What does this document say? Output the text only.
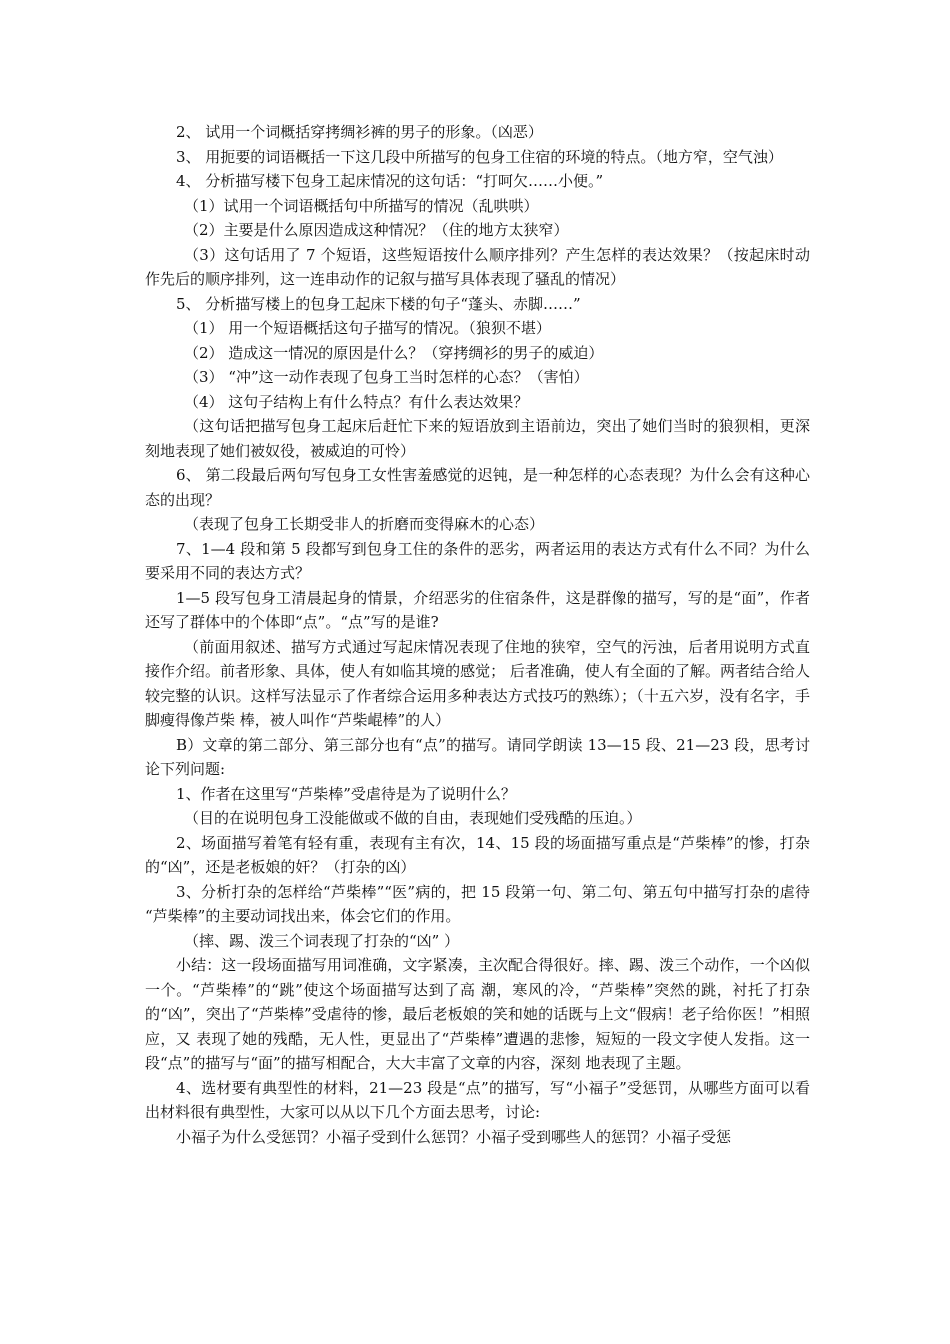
2、 试用一个词概括穿拷绸衫裤的男子的形象。（凶恶）

3、 用扼要的词语概括一下这几段中所描写的包身工住宿的环境的特点。（地方窄，空气浊）

4、 分析描写楼下包身工起床情况的这句话：“打呵欠……小便。”

（1）试用一个词语概括句中所描写的情况（乱哄哄）

（2）主要是什么原因造成这种情况？（住的地方太狭窄）

（3）这句话用了 7 个短语，这些短语按什么顺序排列？产生怎样的表达效果？（按起床时动作先后的顺序排列，这一连串动作的记叙与描写具体表现了骚乱的情况）

5、 分析描写楼上的包身工起床下楼的句子“蓬头、赤脚……”

（1） 用一个短语概括这句子描写的情况。（狼狈不堪）

（2） 造成这一情况的原因是什么？（穿拷绸衫的男子的威迫）

（3） “冲”这一动作表现了包身工当时怎样的心态？（害怕）

（4） 这句子结构上有什么特点？有什么表达效果？

（这句话把描写包身工起床后赶忙下来的短语放到主语前边，突出了她们当时的狼狈相，更深刻地表现了她们被奴役，被威迫的可怜）

6、 第二段最后两句写包身工女性害羞感觉的迟钝，是一种怎样的心态表现？为什么会有这种心态的出现？

（表现了包身工长期受非人的折磨而变得麻木的心态）

7、1—4 段和第 5 段都写到包身工住的条件的恶劣，两者运用的表达方式有什么不同？为什么要采用不同的表达方式？

1—5 段写包身工清晨起身的情景，介绍恶劣的住宿条件，这是群像的描写，写的是“面”，作者还写了群体中的个体即“点”。“点”写的是谁?

（前面用叙述、描写方式通过写起床情况表现了住地的狭窄，空气的污浊，后者用说明方式直接作介绍。前者形象、具体，使人有如临其境的感觉； 后者准确，使人有全面的了解。两者结合给人较完整的认识。这样写法显示了作者综合运用多种表达方式技巧的熟练）；（十五六岁，没有名字，手脚瘦得像芦柴 棒，被人叫作“芦柴崐棒”的人）

B）文章的第二部分、第三部分也有“点”的描写。请同学朗读 13—15 段、21—23 段，思考讨论下列问题:

1、作者在这里写“芦柴棒”受虐待是为了说明什么？

（目的在说明包身工没能做或不做的自由，表现她们受残酷的压迫。）

2、场面描写着笔有轻有重，表现有主有次，14、15 段的场面描写重点是“芦柴棒”的惨，打杂的“凶”，还是老板娘的奸？（打杂的凶）

3、分析打杂的怎样给“芦柴棒”“医”病的，把 15 段第一句、第二句、第五句中描写打杂的虐待 “芦柴棒”的主要动词找出来，体会它们的作用。

（摔、踢、泼三个词表现了打杂的“凶” ）

小结：这一段场面描写用词准确，文字紧凑，主次配合得很好。摔、踢、泼三个动作，一个凶似一个。“芦柴棒”的“跳”使这个场面描写达到了高 潮，寒风的冷，“芦柴棒”突然的跳，衬托了打杂的“凶”，突出了“芦柴棒”受虐待的惨，最后老板娘的笑和她的话既与上文“假病！老子给你医！”相照应，又 表现了她的残酷，无人性，更显出了“芦柴棒”遭遇的悲惨，短短的一段文字使人发指。这一段“点”的描写与“面”的描写相配合，大大丰富了文章的内容，深刻 地表现了主题。

4、选材要有典型性的材料，21—23 段是“点”的描写，写“小福子”受惩罚，从哪些方面可以看出材料很有典型性，大家可以从以下几个方面去思考，讨论:

小福子为什么受惩罚？小福子受到什么惩罚？小福子受到哪些人的惩罚？小福子受惩
